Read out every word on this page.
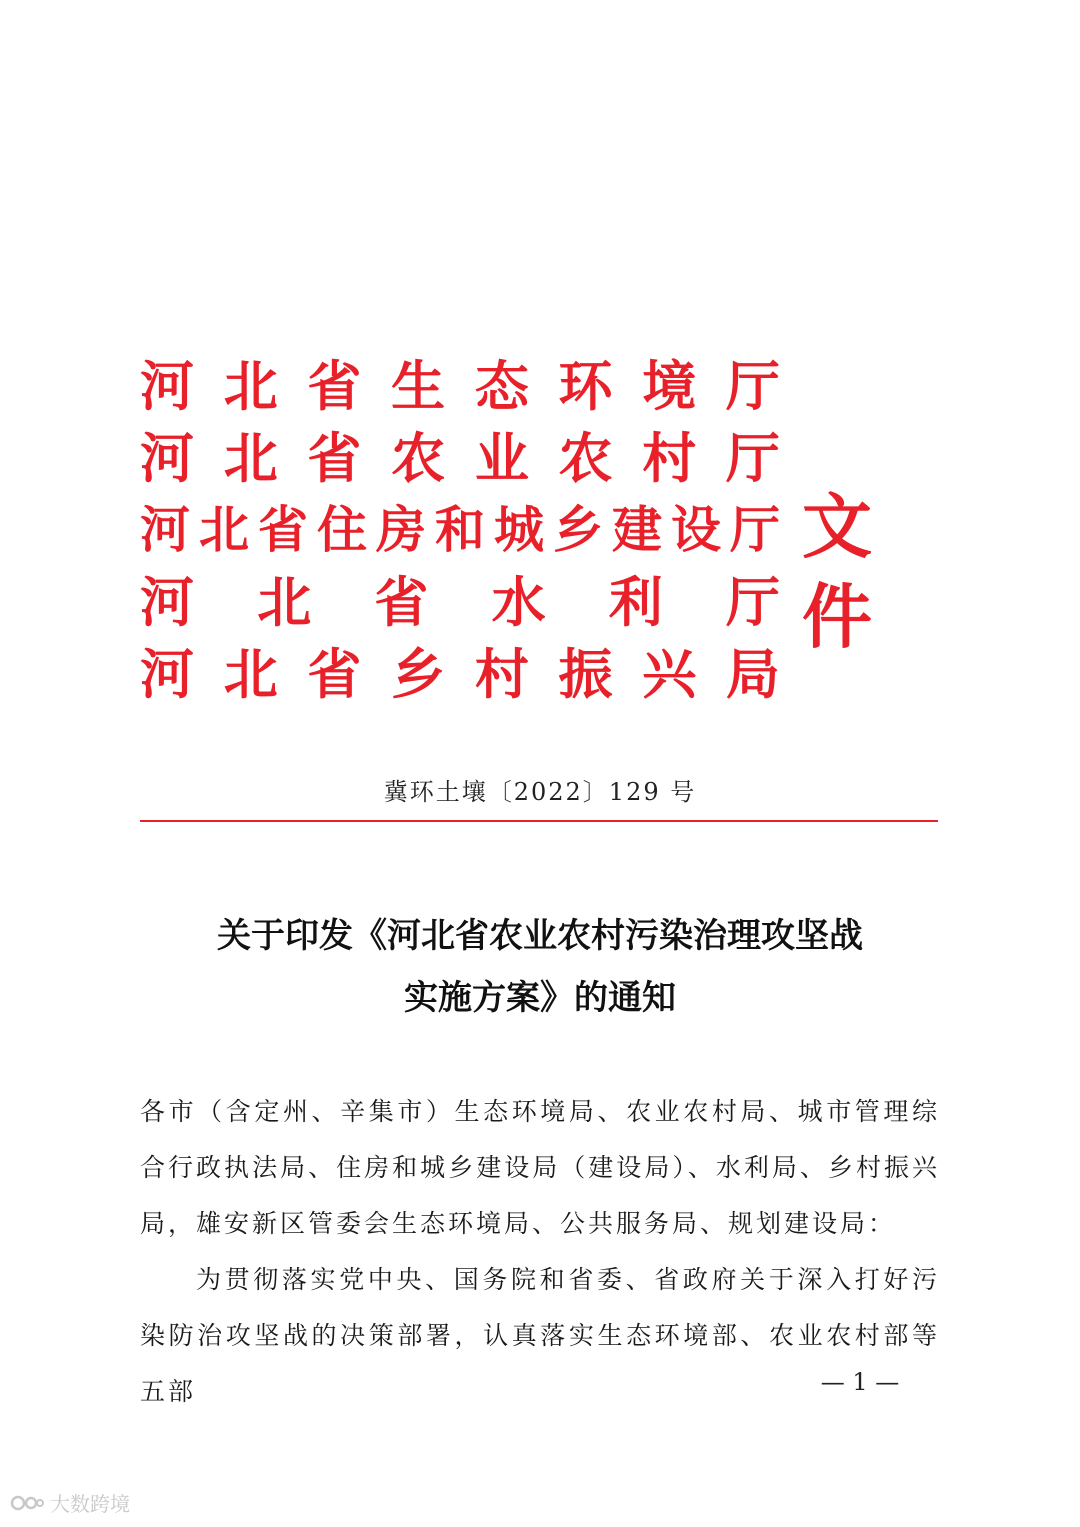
河 北 省 生 态 环 境 厅
河 北 省 农 业 农 村 厅
河 北 省 住 房 和 城 乡 建 设 厅
河 北 省 水 利 厅
河 北 省 乡 村 振 兴 局
文件
冀环土壤〔2022〕129 号
关于印发《河北省农业农村污染治理攻坚战
实施方案》的通知

各市（含定州、辛集市）生态环境局、农业农村局、城市管理综合行政执法局、住房和城乡建设局（建设局）、水利局、乡村振兴局，雄安新区管委会生态环境局、公共服务局、规划建设局：

为贯彻落实党中央、国务院和省委、省政府关于深入打好污染防治攻坚战的决策部署，认真落实生态环境部、农业农村部等五部	— 1 —
大数跨境
